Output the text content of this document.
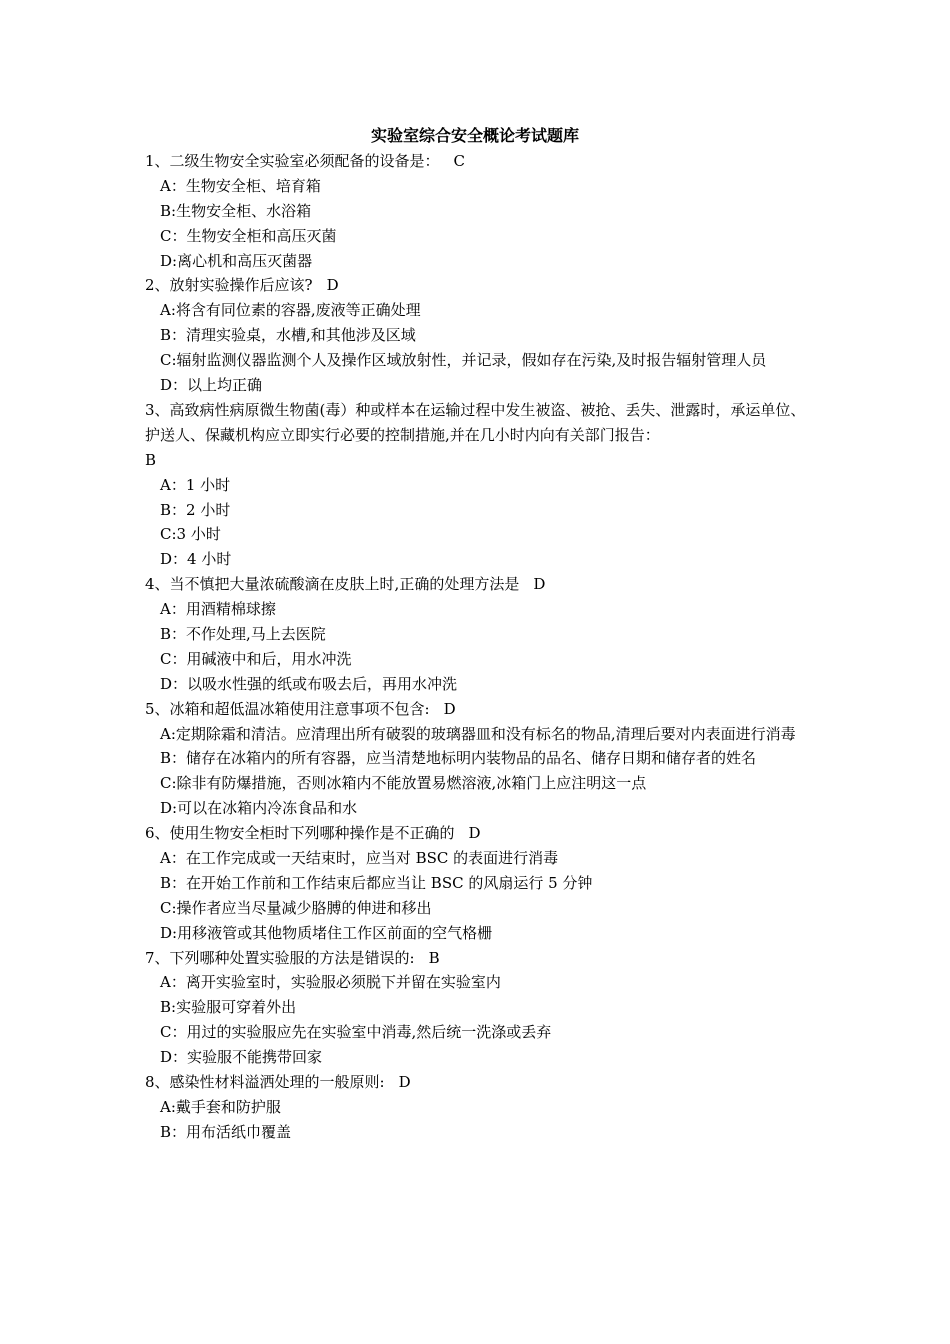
实验室综合安全概论考试题库
1、二级生物安全实验室必须配备的设备是： C
A：生物安全柜、培育箱
B:生物安全柜、水浴箱
C：生物安全柜和高压灭菌
D:离心机和高压灭菌器
2、放射实验操作后应该? D
A:将含有同位素的容器,废液等正确处理
B：清理实验桌，水槽,和其他涉及区域
C:辐射监测仪器监测个人及操作区域放射性，并记录，假如存在污染,及时报告辐射管理人员
D：以上均正确
3、高致病性病原微生物菌(毒）种或样本在运输过程中发生被盗、被抢、丢失、泄露时，承运单位、护送人、保藏机构应立即实行必要的控制措施,并在几小时内向有关部门报告：
B
A：1 小时
B：2 小时
C:3 小时
D：4 小时
4、当不慎把大量浓硫酸滴在皮肤上时,正确的处理方法是 D
A：用酒精棉球擦
B：不作处理,马上去医院
C：用碱液中和后，用水冲洗
D：以吸水性强的纸或布吸去后，再用水冲洗
5、冰箱和超低温冰箱使用注意事项不包含: D
A:定期除霜和清洁。应清理出所有破裂的玻璃器皿和没有标名的物品,清理后要对内表面进行消毒
B：储存在冰箱内的所有容器，应当清楚地标明内装物品的品名、储存日期和储存者的姓名
C:除非有防爆措施，否则冰箱内不能放置易燃溶液,冰箱门上应注明这一点
D:可以在冰箱内冷冻食品和水
6、使用生物安全柜时下列哪种操作是不正确的 D
A：在工作完成或一天结束时，应当对 BSC 的表面进行消毒
B：在开始工作前和工作结束后都应当让 BSC 的风扇运行 5 分钟
C:操作者应当尽量减少胳膊的伸进和移出
D:用移液管或其他物质堵住工作区前面的空气格栅
7、下列哪种处置实验服的方法是错误的: B
A：离开实验室时，实验服必须脱下并留在实验室内
B:实验服可穿着外出
C：用过的实验服应先在实验室中消毒,然后统一洗涤或丢弃
D：实验服不能携带回家
8、感染性材料溢洒处理的一般原则: D
A:戴手套和防护服
B：用布活纸巾覆盖
